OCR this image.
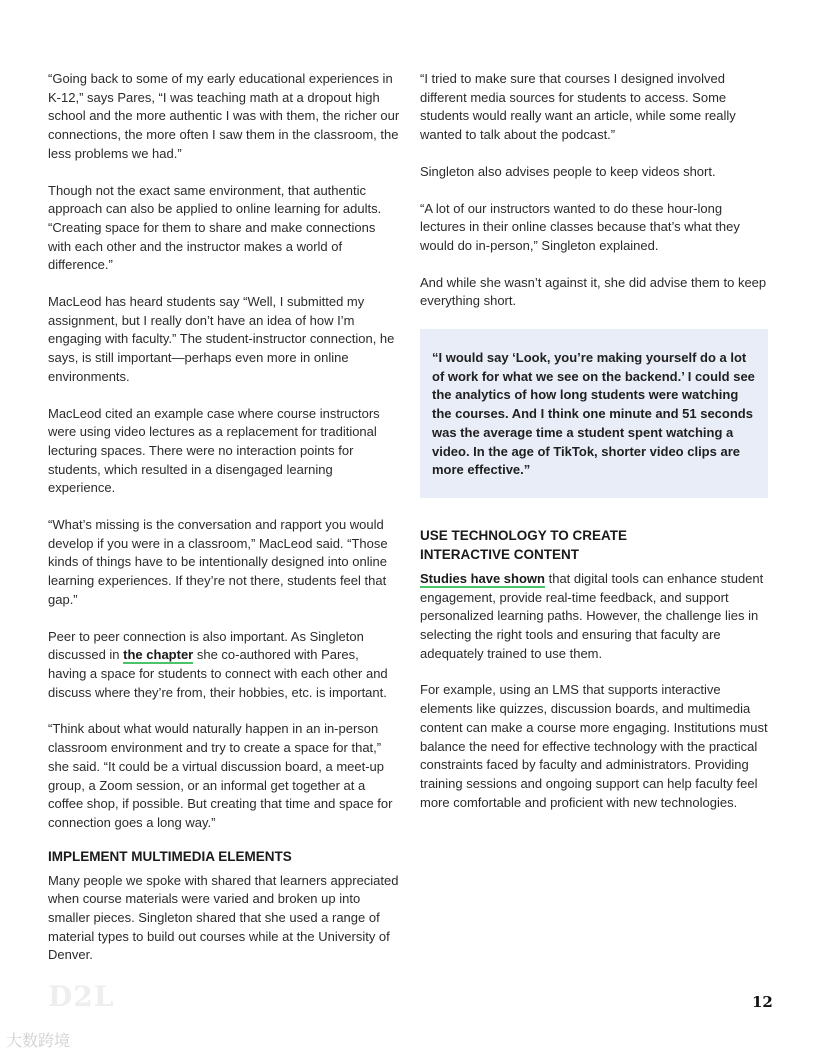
“Going back to some of my early educational experiences in K-12,” says Pares, “I was teaching math at a dropout high school and the more authentic I was with them, the richer our connections, the more often I saw them in the classroom, the less problems we had.”

Though not the exact same environment, that authentic approach can also be applied to online learning for adults. “Creating space for them to share and make connections with each other and the instructor makes a world of difference.”

MacLeod has heard students say “Well, I submitted my assignment, but I really don’t have an idea of how I’m engaging with faculty.” The student-instructor connection, he says, is still important—perhaps even more in online environments.

MacLeod cited an example case where course instructors were using video lectures as a replacement for traditional lecturing spaces. There were no interaction points for students, which resulted in a disengaged learning experience.

“What’s missing is the conversation and rapport you would develop if you were in a classroom,” MacLeod said. “Those kinds of things have to be intentionally designed into online learning experiences. If they’re not there, students feel that gap.”

Peer to peer connection is also important. As Singleton discussed in the chapter she co-authored with Pares, having a space for students to connect with each other and discuss where they’re from, their hobbies, etc. is important.

“Think about what would naturally happen in an in-person classroom environment and try to create a space for that,” she said. “It could be a virtual discussion board, a meet-up group, a Zoom session, or an informal get together at a coffee shop, if possible. But creating that time and space for connection goes a long way.”

IMPLEMENT MULTIMEDIA ELEMENTS

Many people we spoke with shared that learners appreciated when course materials were varied and broken up into smaller pieces. Singleton shared that she used a range of material types to build out courses while at the University of Denver.

“I tried to make sure that courses I designed involved different media sources for students to access. Some students would really want an article, while some really wanted to talk about the podcast.”

Singleton also advises people to keep videos short.

“A lot of our instructors wanted to do these hour-long lectures in their online classes because that’s what they would do in-person,” Singleton explained.

And while she wasn’t against it, she did advise them to keep everything short.

“I would say ‘Look, you’re making yourself do a lot of work for what we see on the backend.’ I could see the analytics of how long students were watching the courses. And I think one minute and 51 seconds was the average time a student spent watching a video. In the age of TikTok, shorter video clips are more effective.”
USE TECHNOLOGY TO CREATE
INTERACTIVE CONTENT

Studies have shown that digital tools can enhance student engagement, provide real-time feedback, and support personalized learning paths. However, the challenge lies in selecting the right tools and ensuring that faculty are adequately trained to use them.

For example, using an LMS that supports interactive elements like quizzes, discussion boards, and multimedia content can make a course more engaging. Institutions must balance the need for effective technology with the practical constraints faced by faculty and administrators. Providing training sessions and ongoing support can help faculty feel more comfortable and proficient with new technologies.

D2L	12
大数跨境
